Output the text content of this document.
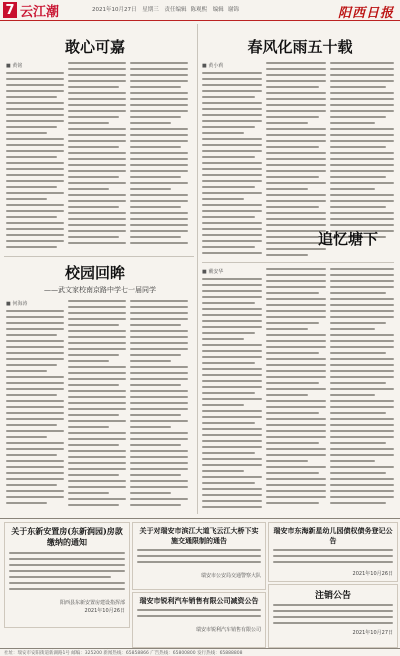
7 云江潮	2021年10月27日 星期三 责任编辑 陈观熙 编辑 谢锦	阳西日报
敢心可嘉
■ 黄铭
春风化雨五十载
■ 黄小莉
追忆塘下
■ 戴安华
校园回眸
——武文家校南京路中学七一届同学
■ 何海涛
关于东新安置房(东新润园)房款缴纳的通知
阳西县东新安置房建设指挥部
2021年10月26日
关于对瑞安市滨江大道飞云江大桥下实施交通限制的通告
瑞安市公安局交通警察大队
瑞安市东海新星幼儿园债权债务登记公告
2021年10月26日
瑞安市锐利汽车销售有限公司减资公告
瑞安市锐利汽车销售有限公司
注销公告
2021年10月27日
社址：瑞安市安阳街道新湖路1号 邮编：325200 新闻热线：65858866 广告热线：65800800 发行热线：65888808
